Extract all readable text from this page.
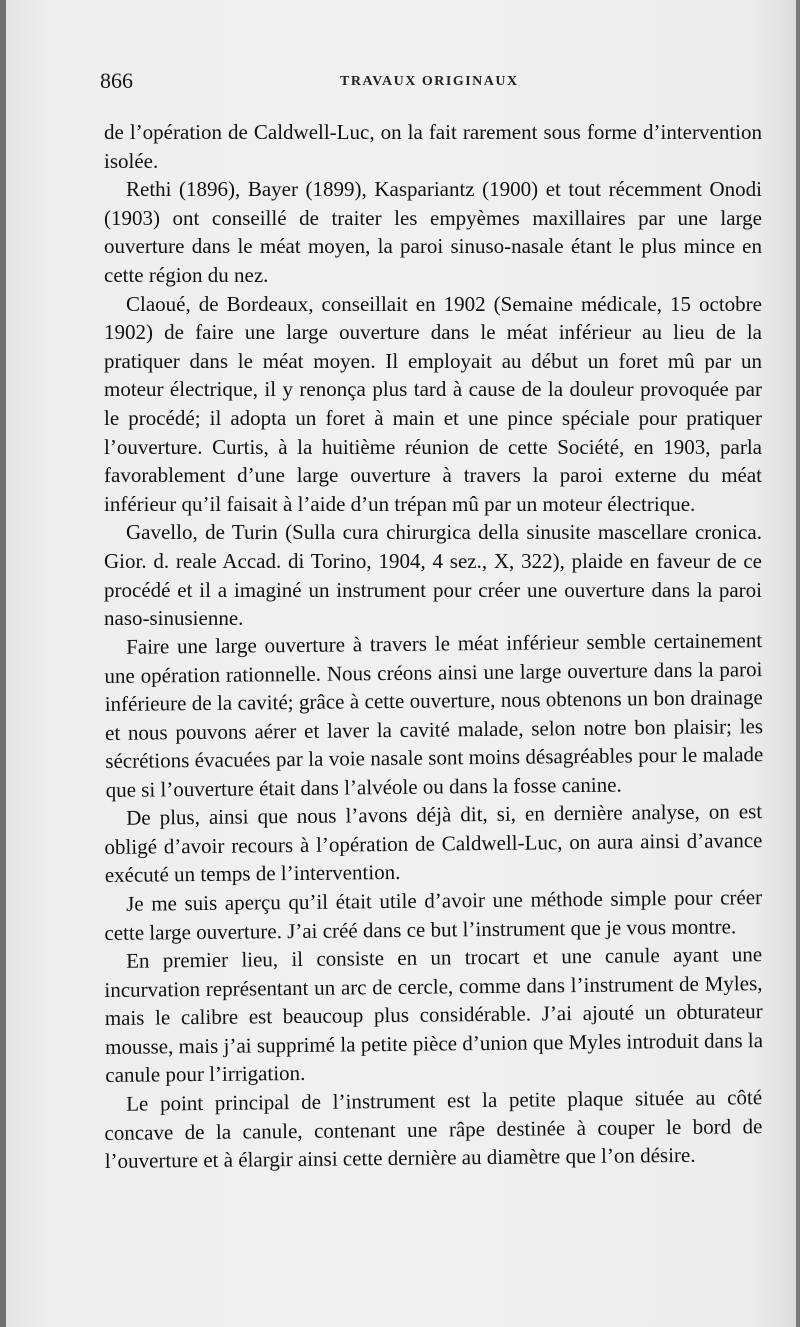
866	TRAVAUX ORIGINAUX

de l’opération de Caldwell-Luc, on la fait rarement sous forme d’intervention isolée.

Rethi (1896), Bayer (1899), Kaspariantz (1900) et tout récemment Onodi (1903) ont conseillé de traiter les empyèmes maxillaires par une large ouverture dans le méat moyen, la paroi sinuso-nasale étant le plus mince en cette région du nez.

Claoué, de Bordeaux, conseillait en 1902 (Semaine médicale, 15 octobre 1902) de faire une large ouverture dans le méat inférieur au lieu de la pratiquer dans le méat moyen. Il employait au début un foret mû par un moteur électrique, il y renonça plus tard à cause de la douleur provoquée par le procédé; il adopta un foret à main et une pince spéciale pour pratiquer l’ouverture. Curtis, à la huitième réunion de cette Société, en 1903, parla favorablement d’une large ouverture à travers la paroi externe du méat inférieur qu’il faisait à l’aide d’un trépan mû par un moteur électrique.

Gavello, de Turin (Sulla cura chirurgica della sinusite mascellare cronica. Gior. d. reale Accad. di Torino, 1904, 4 sez., X, 322), plaide en faveur de ce procédé et il a imaginé un instrument pour créer une ouverture dans la paroi naso-sinusienne.

Faire une large ouverture à travers le méat inférieur semble certainement une opération rationnelle. Nous créons ainsi une large ouverture dans la paroi inférieure de la cavité; grâce à cette ouverture, nous obtenons un bon drainage et nous pouvons aérer et laver la cavité malade, selon notre bon plaisir; les sécrétions évacuées par la voie nasale sont moins désagréables pour le malade que si l’ouverture était dans l’alvéole ou dans la fosse canine.

De plus, ainsi que nous l’avons déjà dit, si, en dernière analyse, on est obligé d’avoir recours à l’opération de Caldwell-Luc, on aura ainsi d’avance exécuté un temps de l’intervention.

Je me suis aperçu qu’il était utile d’avoir une méthode simple pour créer cette large ouverture. J’ai créé dans ce but l’instrument que je vous montre.

En premier lieu, il consiste en un trocart et une canule ayant une incurvation représentant un arc de cercle, comme dans l’instrument de Myles, mais le calibre est beaucoup plus considérable. J’ai ajouté un obturateur mousse, mais j’ai supprimé la petite pièce d’union que Myles introduit dans la canule pour l’irrigation.

Le point principal de l’instrument est la petite plaque située au côté concave de la canule, contenant une râpe destinée à couper le bord de l’ouverture et à élargir ainsi cette dernière au diamètre que l’on désire.
